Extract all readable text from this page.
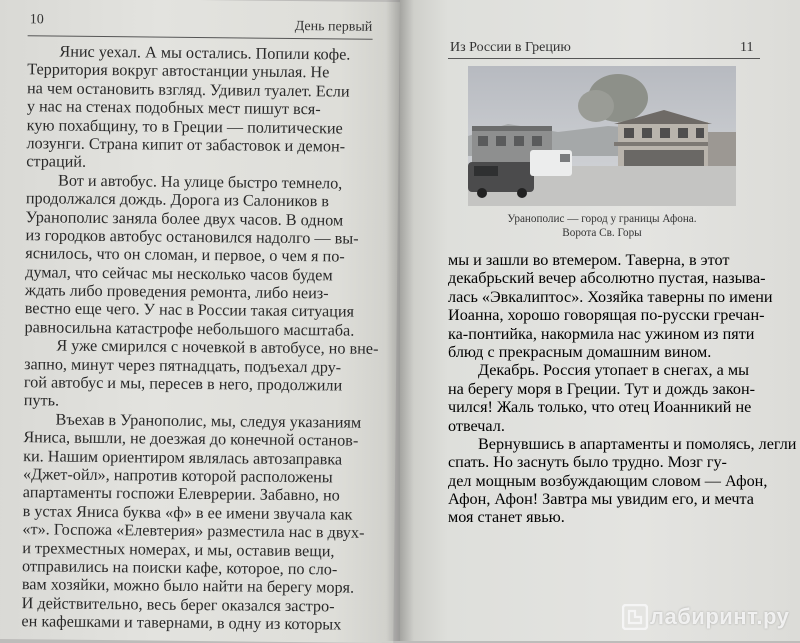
10	День первый
Янис уехал. А мы остались. Попили кофе.
Территория вокруг автостанции унылая. Не
на чем остановить взгляд. Удивил туалет. Если
у нас на стенах подобных мест пишут вся-
кую похабщину, то в Греции — политические
лозунги. Страна кипит от забастовок и демон-
страций.
Вот и автобус. На улице быстро темнело,
продолжался дождь. Дорога из Салоников в
Уранополис заняла более двух часов. В одном
из городков автобус остановился надолго — вы-
яснилось, что он сломан, и первое, о чем я по-
думал, что сейчас мы несколько часов будем
ждать либо проведения ремонта, либо неиз-
вестно еще чего. У нас в России такая ситуация
равносильна катастрофе небольшого масштаба.
Я уже смирился с ночевкой в автобусе, но вне-
запно, минут через пятнадцать, подъехал дру-
гой автобус и мы, пересев в него, продолжили
путь.
Въехав в Уранополис, мы, следуя указаниям
Яниса, вышли, не доезжая до конечной останов-
ки. Нашим ориентиром являлась автозаправка
«Джет-ойл», напротив которой расположены
апартаменты госпожи Елеврерии. Забавно, но
в устах Яниса буква «ф» в ее имени звучала как
«т». Госпожа «Елевтерия» разместила нас в двух-
и трехместных номерах, и мы, оставив вещи,
отправились на поиски кафе, которое, по сло-
вам хозяйки, можно было найти на берегу моря.
И действительно, весь берег оказался застро-
ен кафешками и тавернами, в одну из которых
Из России в Грецию	11
Уранополис — город у границы Афона.
Ворота Св. Горы
мы и зашли во втемером. Таверна, в этот
декабрьский вечер абсолютно пустая, называ-
лась «Эвкалиптос». Хозяйка таверны по имени
Иоанна, хорошо говорящая по-русски гречан-
ка-понтийка, накормила нас ужином из пяти
блюд с прекрасным домашним вином.
Декабрь. Россия утопает в снегах, а мы
на берегу моря в Греции. Тут и дождь закон-
чился! Жаль только, что отец Иоанникий не
отвечал.
Вернувшись в апартаменты и помолясь, легли
спать. Но заснуть было трудно. Мозг гу-
дел мощным возбуждающим словом — Афон,
Афон, Афон! Завтра мы увидим его, и мечта
моя станет явью.
лабиринт.ру
